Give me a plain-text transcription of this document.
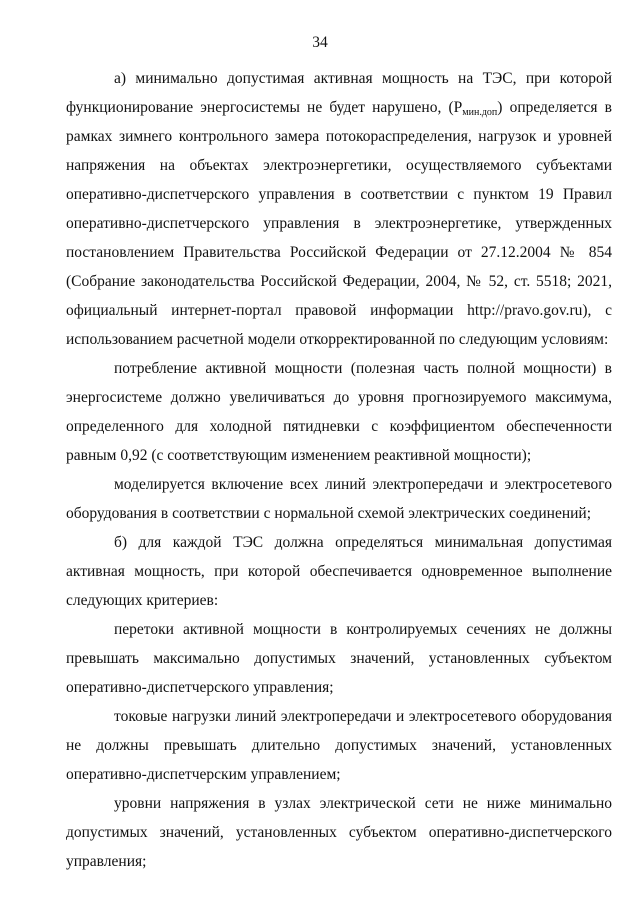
34

а) минимально допустимая активная мощность на ТЭС, при которой функционирование энергосистемы не будет нарушено, $(P_{мин.доп})$ определяется в рамках зимнего контрольного замера потокораспределения, нагрузок и уровней напряжения на объектах электроэнергетики, осуществляемого субъектами оперативно-диспетчерского управления в соответствии с пунктом 19 Правил оперативно-диспетчерского управления в электроэнергетике, утвержденных постановлением Правительства Российской Федерации от 27.12.2004 № 854 (Собрание законодательства Российской Федерации, 2004, № 52, ст. 5518; 2021, официальный интернет-портал правовой информации http://pravo.gov.ru), с использованием расчетной модели откорректированной по следующим условиям:

потребление активной мощности (полезная часть полной мощности) в энергосистеме должно увеличиваться до уровня прогнозируемого максимума, определенного для холодной пятидневки с коэффициентом обеспеченности равным 0,92 (с соответствующим изменением реактивной мощности);

моделируется включение всех линий электропередачи и электросетевого оборудования в соответствии с нормальной схемой электрических соединений;

б) для каждой ТЭС должна определяться минимальная допустимая активная мощность, при которой обеспечивается одновременное выполнение следующих критериев:

перетоки активной мощности в контролируемых сечениях не должны превышать максимально допустимых значений, установленных субъектом оперативно-диспетчерского управления;

токовые нагрузки линий электропередачи и электросетевого оборудования не должны превышать длительно допустимых значений, установленных оперативно-диспетчерским управлением;

уровни напряжения в узлах электрической сети не ниже минимально допустимых значений, установленных субъектом оперативно-диспетчерского управления;
